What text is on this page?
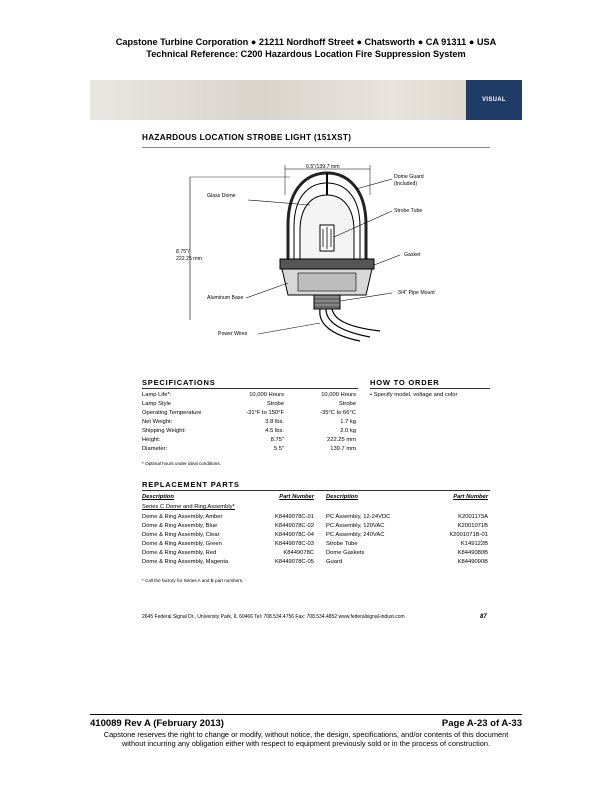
Capstone Turbine Corporation ● 21211 Nordhoff Street ● Chatsworth ● CA 91311 ● USA
Technical Reference: C200 Hazardous Location Fire Suppression System
VISUAL
HAZARDOUS LOCATION STROBE LIGHT (151XST)
6.5"/139.7 mm
Dome Guard
(Included)
Glass Dome
Strobe Tube
8.75"/
222.25 mm
Gasket
Aluminum Base
3/4" Pipe Mount
Power Wires
SPECIFICATIONS
Lamp Life*:	10,000 Hours	10,000 Hours
Lamp Style	Strobe	Strobe
Operating Temperature	-31°F to 150°F	-35°C to 66°C
Net Weight:	3.8 lbs.	1.7 kg
Shipping Weight:	4.5 lbs.	2.0 kg
Height:	8.75"	222.25 mm
Diameter:	5.5"	139.7 mm
* Optimal hours under ideal conditions.
HOW TO ORDER
• Specify model, voltage and color
REPLACEMENT PARTS
Description	Part Number Description	Part Number
Series C Dome and Ring Assembly*
Dome & Ring Assembly, Amber	K8449078C-01
Dome & Ring Assembly, Blue	K8449078C-02
Dome & Ring Assembly, Clear	K8449078C-04
Dome & Ring Assembly, Green	K8449078C-03
Dome & Ring Assembly, Red	K8449078C
Dome & Ring Assembly, Magenta	K8449078C-05
PC Assembly, 12-24VDC	K2001173A
PC Assembly, 120VAC	K2001071B
PC Assembly, 240VAC	K2001071B-01
Strobe Tube	K149122B
Dome Gaskets	K8449080B
Guard	K8449090B
* Call the factory for Series A and B part numbers.
2645 Federal Signal Dr., University Park, IL 60466 Tel: 708.534.4756 Fax: 708.534.4852 www.federalsignal-indust.com	87
410089 Rev A (February 2013)	Page A-23 of A-33
Capstone reserves the right to change or modify, without notice, the design, specifications, and/or contents of this document without incurring any obligation either with respect to equipment previously sold or in the process of construction.
